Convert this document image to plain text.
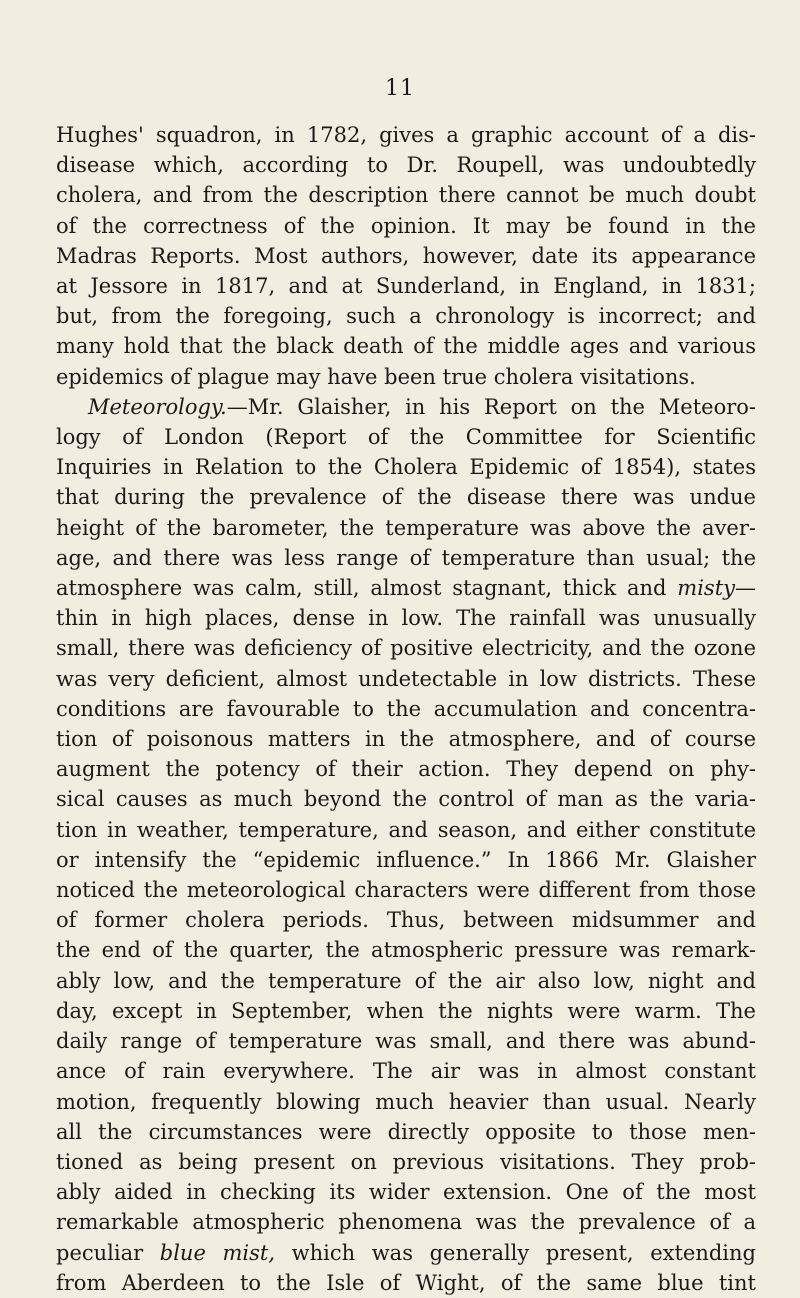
11
Hughes' squadron, in 1782, gives a graphic account of a dis-
disease which, according to Dr. Roupell, was undoubtedly
cholera, and from the description there cannot be much doubt
of the correctness of the opinion. It may be found in the
Madras Reports. Most authors, however, date its appearance
at Jessore in 1817, and at Sunderland, in England, in 1831;
but, from the foregoing, such a chronology is incorrect; and
many hold that the black death of the middle ages and various
epidemics of plague may have been true cholera visitations.
Meteorology.—Mr. Glaisher, in his Report on the Meteoro-
logy of London (Report of the Committee for Scientific
Inquiries in Relation to the Cholera Epidemic of 1854), states
that during the prevalence of the disease there was undue
height of the barometer, the temperature was above the aver-
age, and there was less range of temperature than usual; the
atmosphere was calm, still, almost stagnant, thick and misty—
thin in high places, dense in low. The rainfall was unusually
small, there was deficiency of positive electricity, and the ozone
was very deficient, almost undetectable in low districts. These
conditions are favourable to the accumulation and concentra-
tion of poisonous matters in the atmosphere, and of course
augment the potency of their action. They depend on phy-
sical causes as much beyond the control of man as the varia-
tion in weather, temperature, and season, and either constitute
or intensify the “epidemic influence.” In 1866 Mr. Glaisher
noticed the meteorological characters were different from those
of former cholera periods. Thus, between midsummer and
the end of the quarter, the atmospheric pressure was remark-
ably low, and the temperature of the air also low, night and
day, except in September, when the nights were warm. The
daily range of temperature was small, and there was abund-
ance of rain everywhere. The air was in almost constant
motion, frequently blowing much heavier than usual. Nearly
all the circumstances were directly opposite to those men-
tioned as being present on previous visitations. They prob-
ably aided in checking its wider extension. One of the most
remarkable atmospheric phenomena was the prevalence of a
peculiar blue mist, which was generally present, extending
from Aberdeen to the Isle of Wight, of the same blue tint
